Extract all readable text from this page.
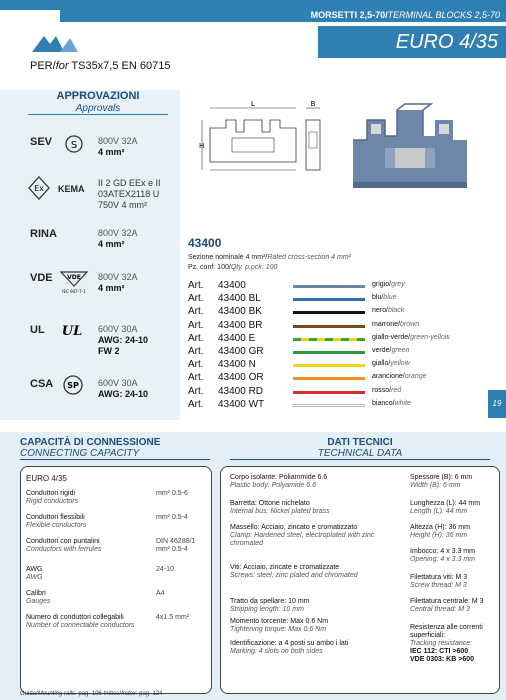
MORSETTI 2,5-70/TERMINAL BLOCKS 2,5-70
EURO 4/35
PER/for TS35x7,5 EN 60715
APPROVAZIONI
Approvals
SEV S 800V 32A
4 mm²
Ex KEMA
II 2 GD EEx e II
03ATEX2118 U
750V 4 mm²
RINA	800V 32A
4 mm²
VDE VDE
IEC 947-7-1
800V 32A
4 mm²
UL UL 600V 30A
AWG: 24-10
FW 2
CSA SP 600V 30A
AWG: 24-10
L	B
H
43400
Sezione nominale 4 mm²/Rated cross-section 4 mm²
Pz. conf: 100/Qty. p.pck: 100
Art. 43400	grigio/grey
Art. 43400 BL	blu/blue
Art. 43400 BK	nero/black
Art. 43400 BR	marrone/brown
Art. 43400 E	giallo-verde/green-yellow
Art. 43400 GR	verde/green
Art. 43400 N	giallo/yellow
Art. 43400 OR	arancione/orange
Art. 43400 RD	rosso/red
Art. 43400 WT	bianco/white	19
CAPACITÀ DI CONNESSIONE
CONNECTING CAPACITY
DATI TECNICI
TECHNICAL DATA
EURO 4/35
Conduttori rigidi
Rigid conductors
mm² 0.5-6
Conduttori flessibili
Flexible conductors
mm² 0.5-4
Conduttori con puntalini
Conductors with ferrules
DIN 46288/1
mm² 0.5-4
AWG
AWG
24-10
Calibri
Gauges
A4
Numero di conduttori collegabili
Number of connectable conductors
4x1.5 mm²
Corpo isolante: Poliammide 6.6
Plastic body: Polyamide 6.6
Barretta: Ottone nichelato
Internal bus: Nickel plated brass
Massello: Acciaio, zincato e cromatizzato
Clamp: Hardened steel, electroplated with zinc chromated
Viti: Acciaio, zincate e cromatizzate
Screws: steel, zinc plated and chromated
Tratto da spellare: 10 mm
Stripping length: 10 mm
Momento torcente: Max 0.6 Nm
Tightening torque: Max 0.6 Nm
Identificazione: a 4 posti su ambo i lati
Marking: 4 slots on both sides
Spessore (B): 6 mm
Width (B): 6 mm
Lunghezza (L): 44 mm
Length (L): 44 mm
Altezza (H): 36 mm
Height (H): 36 mm
Imbocco: 4 x 3.3 mm
Opening: 4 x 3.3 mm
Filettatura viti: M 3
Screw thread: M 3
Filettatura centrale: M 3
Central thread: M 3
Resistenza alle correnti superficiali:
Tracking resistance:
IEC 112: CTI >600
VDE 0303: KB >600
Guida/Mounting rails: pag. 106 Indice/Index: pag. 124
